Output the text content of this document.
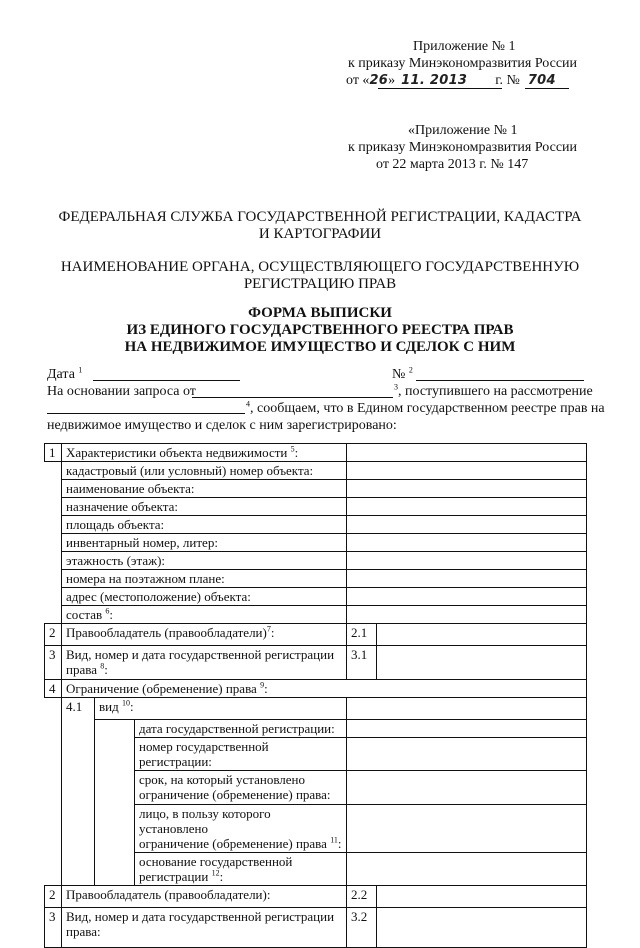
Приложение № 1
к приказу Минэкономразвития России
от «26» 11. 2013 г. № 704
«Приложение № 1
к приказу Минэкономразвития России
от 22 марта 2013 г. № 147
ФЕДЕРАЛЬНАЯ СЛУЖБА ГОСУДАРСТВЕННОЙ РЕГИСТРАЦИИ, КАДАСТРА
И КАРТОГРАФИИ
НАИМЕНОВАНИЕ ОРГАНА, ОСУЩЕСТВЛЯЮЩЕГО ГОСУДАРСТВЕННУЮ
РЕГИСТРАЦИЮ ПРАВ
ФОРМА ВЫПИСКИ
ИЗ ЕДИНОГО ГОСУДАРСТВЕННОГО РЕЕСТРА ПРАВ
НА НЕДВИЖИМОЕ ИМУЩЕСТВО И СДЕЛОК С НИМ
Дата $^1$	№ $^2$
На основании запроса от	$^3$, поступившего на рассмотрение
$^4$, сообщаем, что в Едином государственном реестре прав на
недвижимое имущество и сделок с ним зарегистрировано:
1	Характеристики объекта недвижимости $^5$:				
	кадастровый (или условный) номер объекта:				
	наименование объекта:				
	назначение объекта:				
	площадь объекта:				
	инвентарный номер, литер:				
	этажность (этаж):				
	номера на поэтажном плане:				
	адрес (местоположение) объекта:				
	состав $^6$:				
2	Правообладатель (правообладатели)$^7$:			2.1	
3	Вид, номер и дата государственной регистрации
права $^8$:			3.1	
4	Ограничение (обременение) права $^9$:				
	4.1	вид $^{10}$:			
			дата государственной регистрации:		
			номер государственной регистрации:		
			срок, на который установлено
ограничение (обременение) права:		
			лицо, в пользу которого установлено
ограничение (обременение) права $^{11}$:		
			основание государственной регистрации $^{12}$:		
2	Правообладатель (правообладатели):			2.2	
3	Вид, номер и дата государственной регистрации
права:			3.2	
